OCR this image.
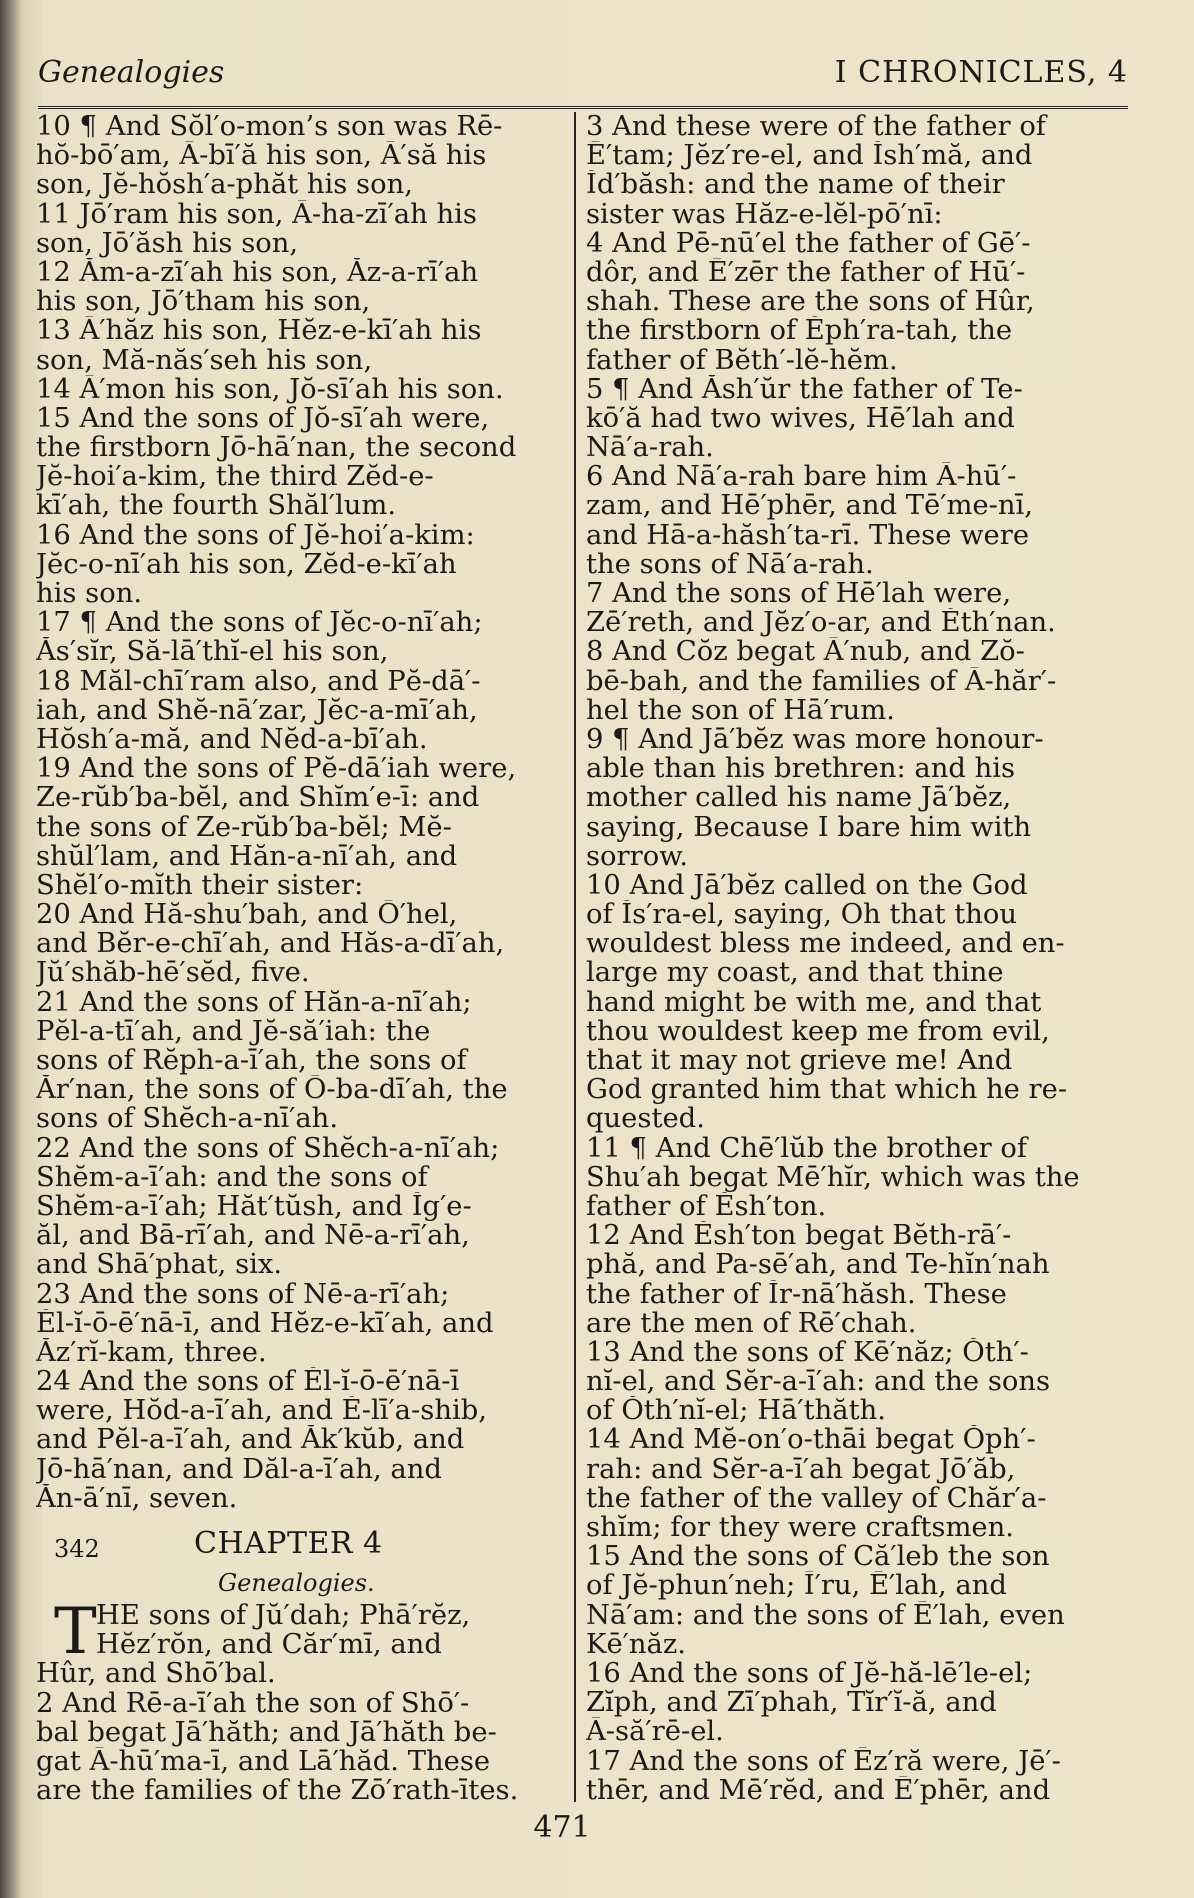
Genealogies	I CHRONICLES, 4
10 ¶ And Sŏl′o-mon’s son was Rē-
hŏ-bō′am, Ā-bī′ă his son, Ā′să his
son, Jĕ-hŏsh′a-phăt his son,
11 Jō′ram his son, Ā-ha-zī′ah his
son, Jō′ăsh his son,
12 Ăm-a-zī′ah his son, Ăz-a-rī′ah
his son, Jō′tham his son,
13 Ā′hăz his son, Hĕz-e-kī′ah his
son, Mă-năs′seh his son,
14 Ā′mon his son, Jŏ-sī′ah his son.
15 And the sons of Jŏ-sī′ah were,
the firstborn Jō-hā′nan, the second
Jĕ-hoi′a-kim, the third Zĕd-e-
kī′ah, the fourth Shăl′lum.
16 And the sons of Jĕ-hoi′a-kim:
Jĕc-o-nī′ah his son, Zĕd-e-kī′ah
his son.
17 ¶ And the sons of Jĕc-o-nī′ah;
Ăs′sĭr, Să-lā′thĭ-el his son,
18 Măl-chī′ram also, and Pĕ-dā′-
iah, and Shĕ-nā′zar, Jĕc-a-mī′ah,
Hŏsh′a-mă, and Nĕd-a-bī′ah.
19 And the sons of Pĕ-dā′iah were,
Ze-rŭb′ba-bĕl, and Shĭm′e-ī: and
the sons of Ze-rŭb′ba-bĕl; Mĕ-
shŭl′lam, and Hăn-a-nī′ah, and
Shĕl′o-mĭth their sister:
20 And Hă-shu′bah, and Ō′hel,
and Bĕr-e-chī′ah, and Hăs-a-dī′ah,
Jŭ′shăb-hē′sĕd, five.
21 And the sons of Hăn-a-nī′ah;
Pĕl-a-tī′ah, and Jĕ-să′iah: the
sons of Rĕph-a-ī′ah, the sons of
Ăr′nan, the sons of Ō-ba-dī′ah, the
sons of Shĕch-a-nī′ah.
22 And the sons of Shĕch-a-nī′ah;
Shĕm-a-ī′ah: and the sons of
Shĕm-a-ī′ah; Hăt′tŭsh, and Ĭg′e-
ăl, and Bā-rī′ah, and Nē-a-rī′ah,
and Shā′phat, six.
23 And the sons of Nē-a-rī′ah;
Ĕl-ĭ-ō-ē′nā-ī, and Hĕz-e-kī′ah, and
Ăz′rĭ-kam, three.
24 And the sons of Ĕl-ĭ-ō-ē′nā-ī
were, Hŏd-a-ī′ah, and Ĕ-lī′a-shib,
and Pĕl-a-ī′ah, and Ăk′kŭb, and
Jō-hā′nan, and Dăl-a-ī′ah, and
Ăn-ā′nī, seven.
342	CHAPTER 4
Genealogies.
T HE sons of Jŭ′dah; Phā′rĕz,
Hĕz′rŏn, and Căr′mī, and
Hûr, and Shō′bal.
2 And Rē-a-ī′ah the son of Shō′-
bal begat Jā′hăth; and Jā′hăth be-
gat Ā-hū′ma-ī, and Lā′hăd. These
are the families of the Zō′rath-ītes.
3 And these were of the father of
Ē′tam; Jĕz′re-el, and Ĭsh′mă, and
Ĭd′băsh: and the name of their
sister was Hăz-e-lĕl-pō′nī:
4 And Pē-nū′el the father of Gē′-
dôr, and Ē′zēr the father of Hū′-
shah. These are the sons of Hûr,
the firstborn of Ĕph′ra-tah, the
father of Bĕth′-lĕ-hĕm.
5 ¶ And Ăsh′ŭr the father of Te-
kō′ă had two wives, Hē′lah and
Nā′a-rah.
6 And Nā′a-rah bare him Ā-hū′-
zam, and Hē′phēr, and Tē′me-nī,
and Hā-a-hăsh′ta-rī. These were
the sons of Nā′a-rah.
7 And the sons of Hē′lah were,
Zē′reth, and Jĕz′o-ar, and Ĕth′nan.
8 And Cŏz begat Ā′nub, and Zŏ-
bē-bah, and the families of Ā-hăr′-
hel the son of Hā′rum.
9 ¶ And Jā′bĕz was more honour-
able than his brethren: and his
mother called his name Jā′bĕz,
saying, Because I bare him with
sorrow.
10 And Jā′bĕz called on the God
of Ĭs′ra-el, saying, Oh that thou
wouldest bless me indeed, and en-
large my coast, and that thine
hand might be with me, and that
thou wouldest keep me from evil,
that it may not grieve me! And
God granted him that which he re-
quested.
11 ¶ And Chē′lŭb the brother of
Shu′ah begat Mē′hĭr, which was the
father of Ĕsh′ton.
12 And Ĕsh′ton begat Bĕth-rā′-
phă, and Pa-sē′ah, and Te-hĭn′nah
the father of Ĭr-nā′hăsh. These
are the men of Rē′chah.
13 And the sons of Kē′năz; Ŏth′-
nĭ-el, and Sĕr-a-ī′ah: and the sons
of Ŏth′nĭ-el; Hā′thăth.
14 And Mĕ-on′o-thāi begat Ŏph′-
rah: and Sĕr-a-ī′ah begat Jō′ăb,
the father of the valley of Chăr′a-
shĭm; for they were craftsmen.
15 And the sons of Că′leb the son
of Jĕ-phun′neh; Ī′ru, Ē′lah, and
Nā′am: and the sons of Ē′lah, even
Kē′năz.
16 And the sons of Jĕ-hă-lē′le-el;
Zĭph, and Zī′phah, Tĭr′ĭ-ă, and
Ā-să′rē-el.
17 And the sons of Ēz′ră were, Jē′-
thēr, and Mē′rĕd, and Ē′phēr, and
471
